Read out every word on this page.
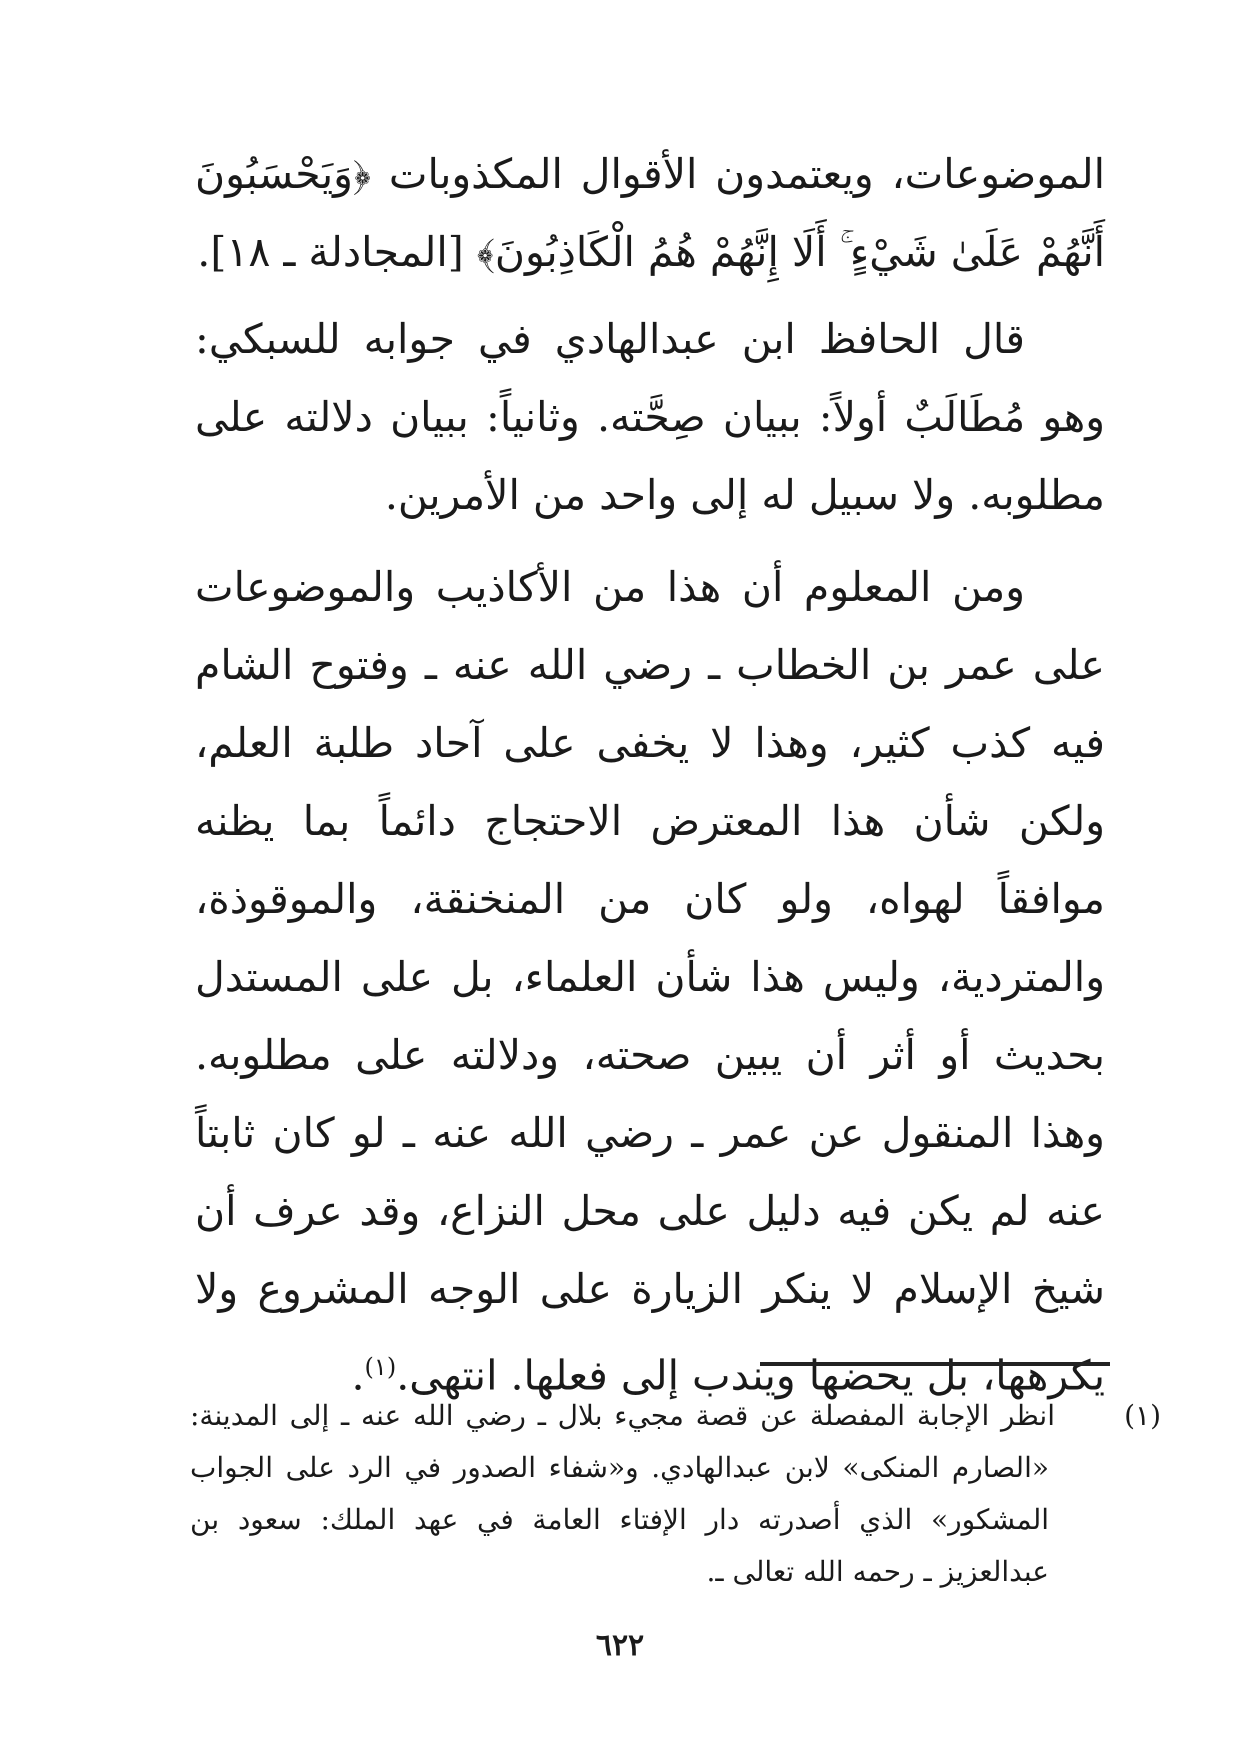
الموضوعات، ويعتمدون الأقوال المكذوبات ﴿وَيَحْسَبُونَ أَنَّهُمْ عَلَىٰ شَيْءٍ ۚ أَلَا إِنَّهُمْ هُمُ الْكَاذِبُونَ﴾ [المجادلة ـ ١٨].

قال الحافظ ابن عبدالهادي في جوابه للسبكي: وهو مُطَالَبٌ أولاً: ببيان صِحَّته. وثانياً: ببيان دلالته على مطلوبه. ولا سبيل له إلى واحد من الأمرين.

ومن المعلوم أن هذا من الأكاذيب والموضوعات على عمر بن الخطاب ـ رضي الله عنه ـ وفتوح الشام فيه كذب كثير، وهذا لا يخفى على آحاد طلبة العلم، ولكن شأن هذا المعترض الاحتجاج دائماً بما يظنه موافقاً لهواه، ولو كان من المنخنقة، والموقوذة، والمتردية، وليس هذا شأن العلماء، بل على المستدل بحديث أو أثر أن يبين صحته، ودلالته على مطلوبه. وهذا المنقول عن عمر ـ رضي الله عنه ـ لو كان ثابتاً عنه لم يكن فيه دليل على محل النزاع، وقد عرف أن شيخ الإسلام لا ينكر الزيارة على الوجه المشروع ولا يكرهها، بل يحضها ويندب إلى فعلها. انتهى.$^{(١)}$.

(١)انظر الإجابة المفصلة عن قصة مجيء بلال ـ رضي الله عنه ـ إلى المدينة: «الصارم المنكى» لابن عبدالهادي. و«شفاء الصدور في الرد على الجواب المشكور» الذي أصدرته دار الإفتاء العامة في عهد الملك: سعود بن عبدالعزيز ـ رحمه الله تعالى ـ.

٦٢٢
